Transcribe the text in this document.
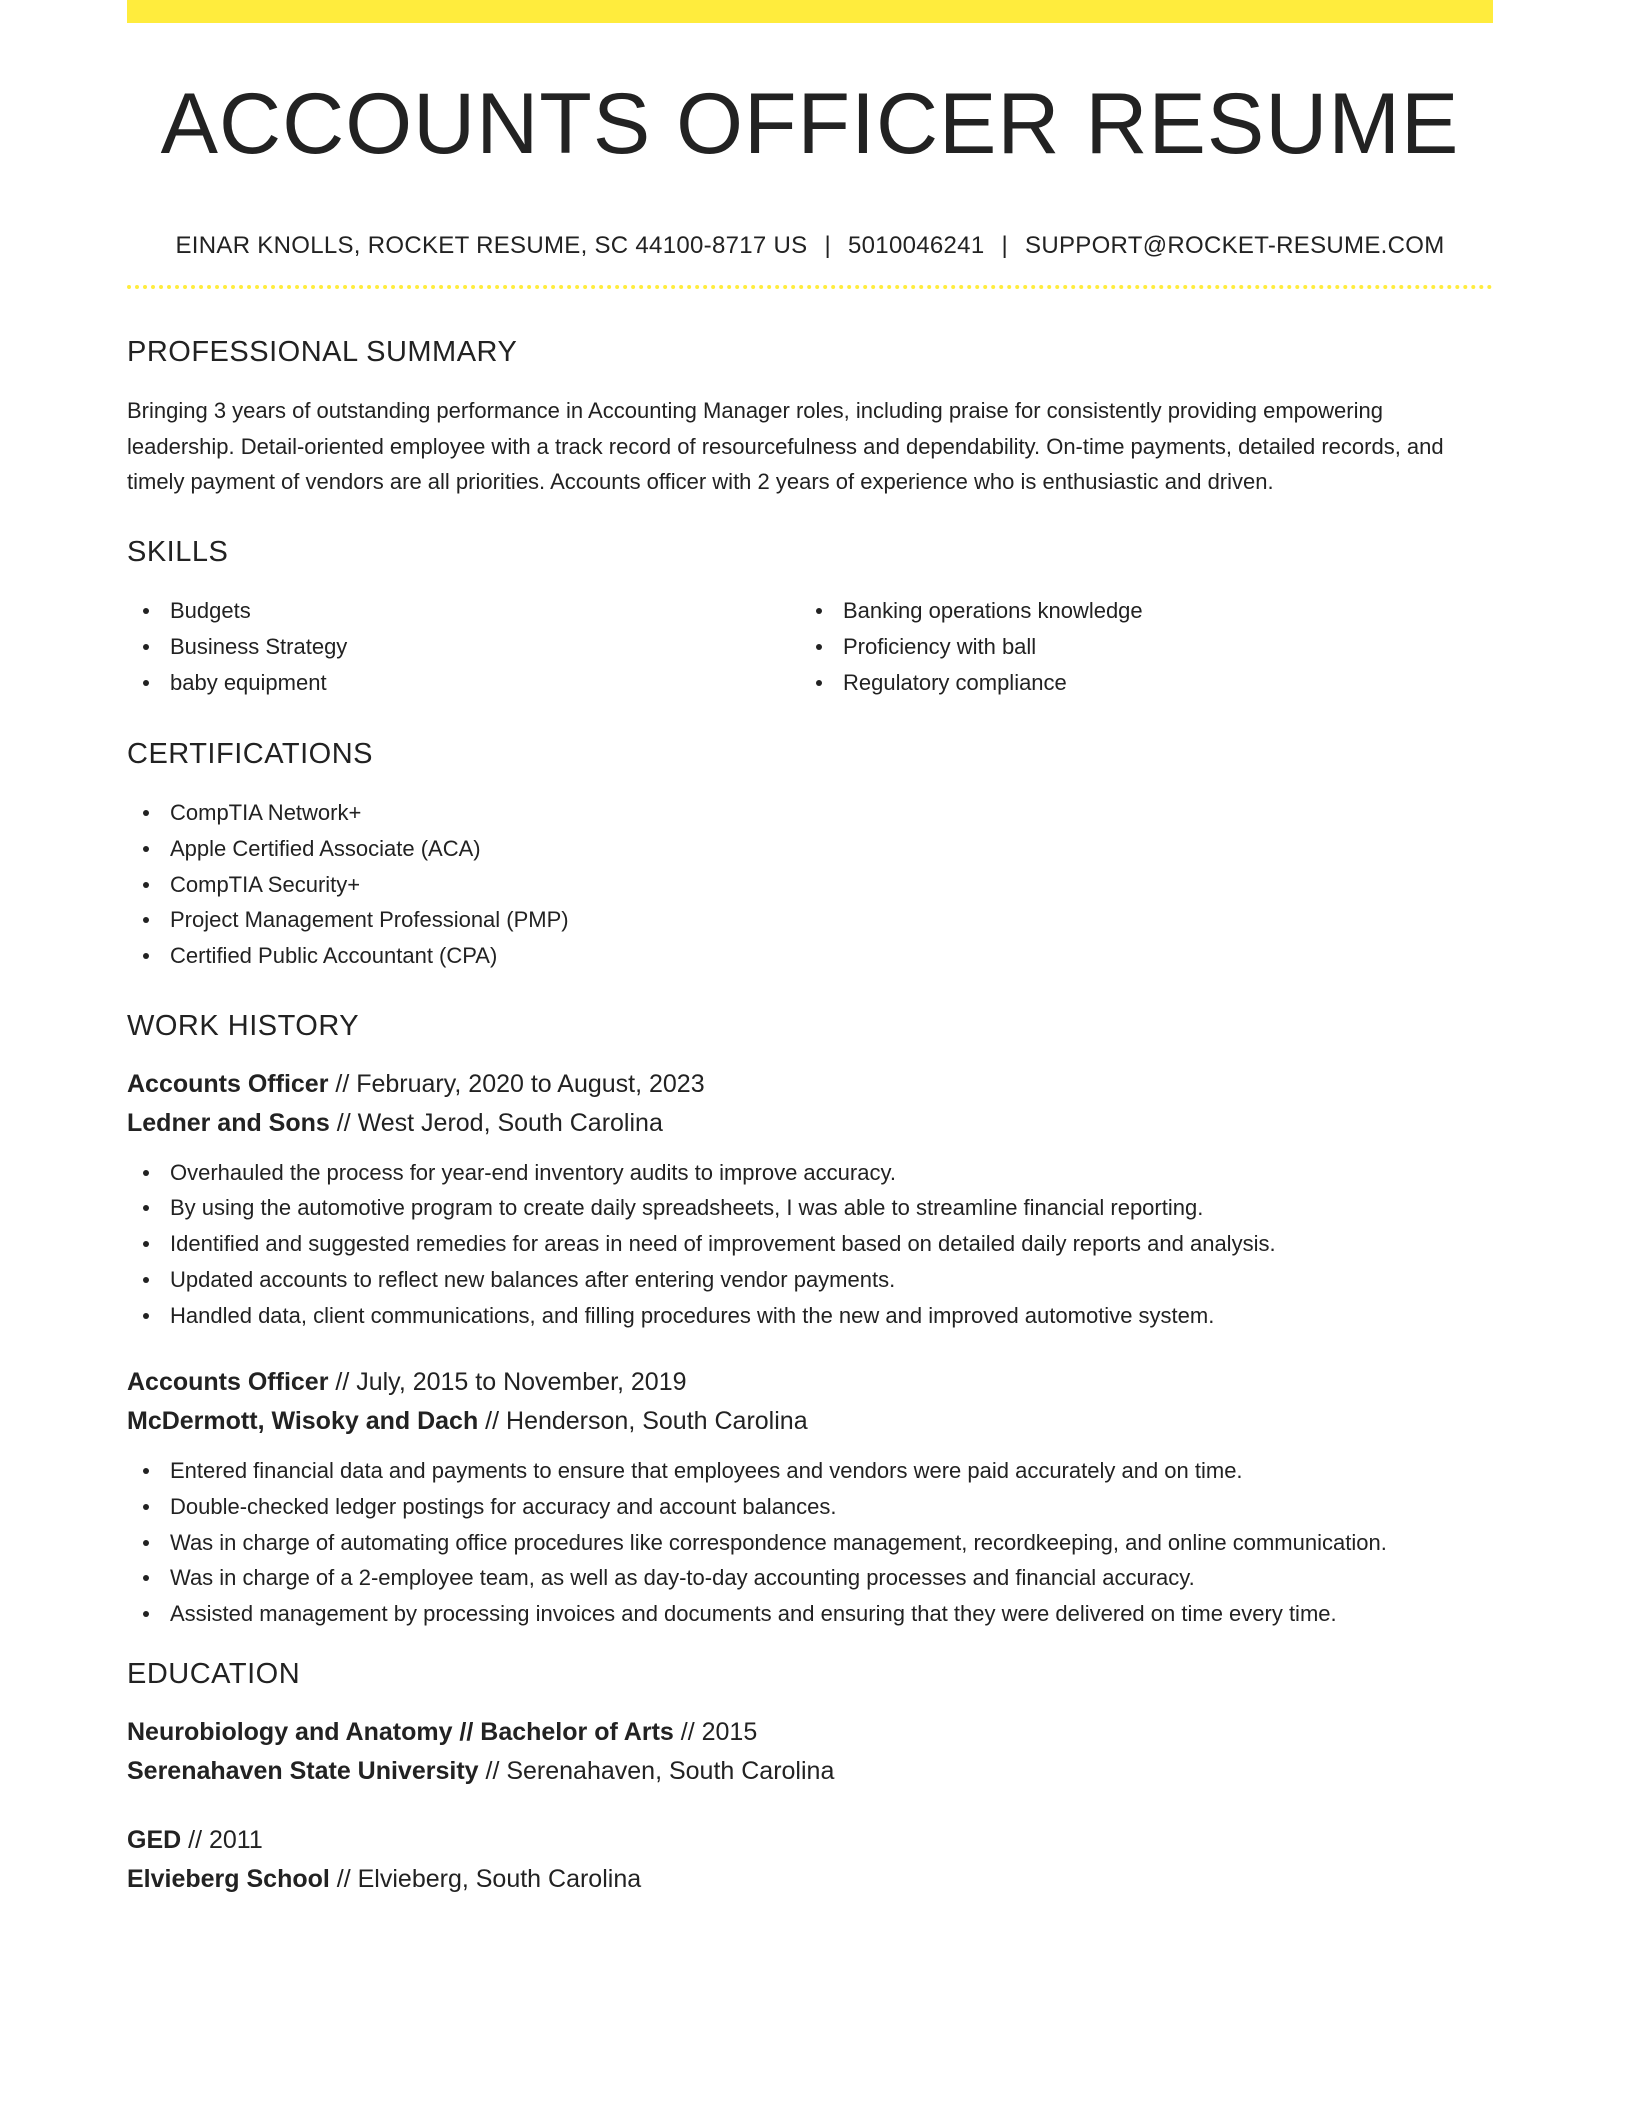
ACCOUNTS OFFICER RESUME
EINAR KNOLLS, ROCKET RESUME, SC 44100-8717 US | 5010046241 | SUPPORT@ROCKET-RESUME.COM
PROFESSIONAL SUMMARY

Bringing 3 years of outstanding performance in Accounting Manager roles, including praise for consistently providing empowering leadership. Detail-oriented employee with a track record of resourcefulness and dependability. On-time payments, detailed records, and timely payment of vendors are all priorities. Accounts officer with 2 years of experience who is enthusiastic and driven.

SKILLS
Budgets
Business Strategy
baby equipment
Banking operations knowledge
Proficiency with ball
Regulatory compliance
CERTIFICATIONS
CompTIA Network+
Apple Certified Associate (ACA)
CompTIA Security+
Project Management Professional (PMP)
Certified Public Accountant (CPA)
WORK HISTORY
Accounts Officer // February, 2020 to August, 2023
Ledner and Sons // West Jerod, South Carolina
Overhauled the process for year-end inventory audits to improve accuracy.
By using the automotive program to create daily spreadsheets, I was able to streamline financial reporting.
Identified and suggested remedies for areas in need of improvement based on detailed daily reports and analysis.
Updated accounts to reflect new balances after entering vendor payments.
Handled data, client communications, and filling procedures with the new and improved automotive system.
Accounts Officer // July, 2015 to November, 2019
McDermott, Wisoky and Dach // Henderson, South Carolina
Entered financial data and payments to ensure that employees and vendors were paid accurately and on time.
Double-checked ledger postings for accuracy and account balances.
Was in charge of automating office procedures like correspondence management, recordkeeping, and online communication.
Was in charge of a 2-employee team, as well as day-to-day accounting processes and financial accuracy.
Assisted management by processing invoices and documents and ensuring that they were delivered on time every time.
EDUCATION
Neurobiology and Anatomy // Bachelor of Arts // 2015
Serenahaven State University // Serenahaven, South Carolina
GED // 2011
Elvieberg School // Elvieberg, South Carolina
